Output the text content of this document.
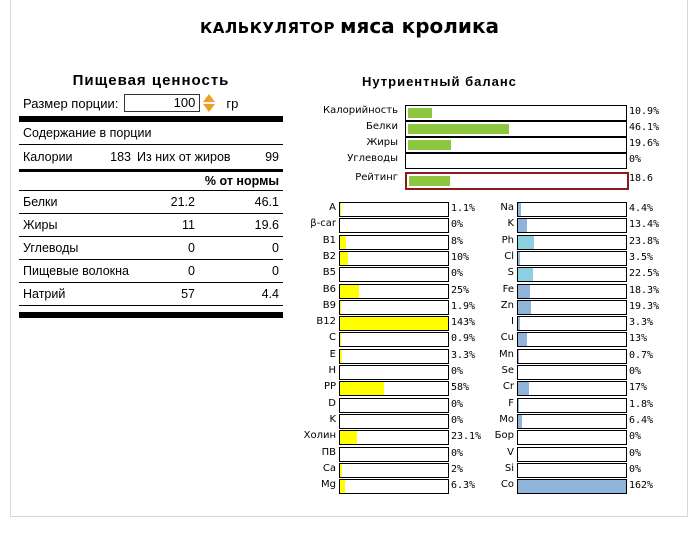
КАЛЬКУЛЯТОР мяса кролика
Пищевая ценность
Размер порции:	100	гр
Содержание в порции
Калории	183 Из них от жиров	99
% от нормы
Белки	21.2	46.1
Жиры	11	19.6
Углеводы	0	0
Пищевые волокна	0	0
Натрий	57	4.4
Нутриентный баланс
Калорийность	10.9%
Белки	46.1%
Жиры	19.6%
Углеводы	0%
Рейтинг	18.6
A	1.1%
β-car	0%
B1	8%
B2	10%
B5	0%
B6	25%
B9	1.9%
B12	143%
C	0.9%
E	3.3%
H	0%
PP	58%
D	0%
K	0%
Холин	23.1%
ПВ	0%
Ca	2%
Mg	6.3%
Na	4.4%
K	13.4%
Ph	23.8%
Cl	3.5%
S	22.5%
Fe	18.3%
Zn	19.3%
I	3.3%
Cu	13%
Mn	0.7%
Se	0%
Cr	17%
F	1.8%
Mo	6.4%
Бор	0%
V	0%
Si	0%
Co	162%
